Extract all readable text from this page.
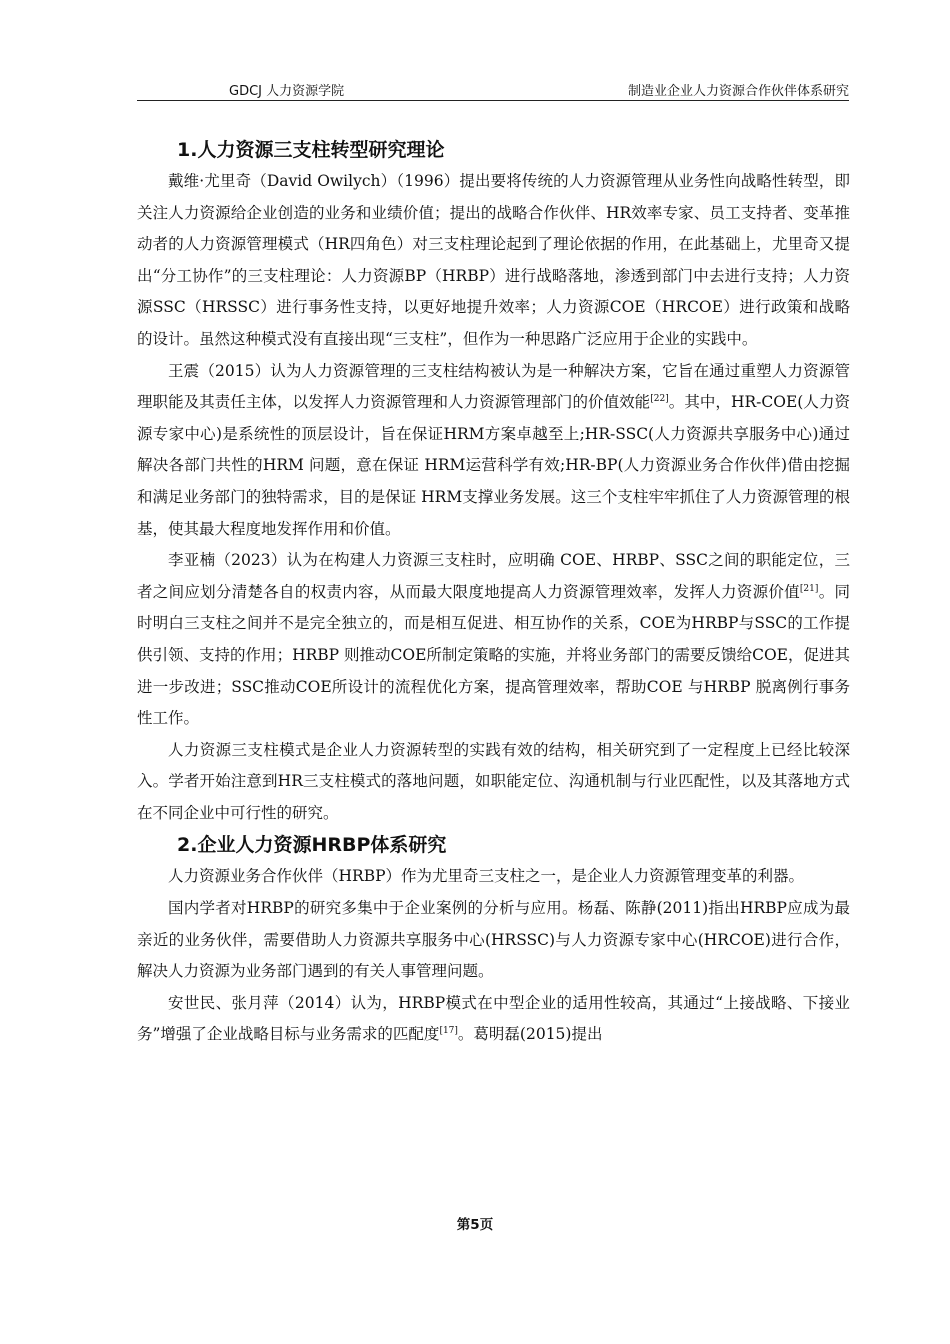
GDCJ 人力资源学院	制造业企业人力资源合作伙伴体系研究
1.人力资源三支柱转型研究理论

戴维·尤里奇（David Owilych）（1996）提出要将传统的人力资源管理从业务性向战略性转型，即关注人力资源给企业创造的业务和业绩价值；提出的战略合作伙伴、HR效率专家、员工支持者、变革推动者的人力资源管理模式（HR四角色）对三支柱理论起到了理论依据的作用，在此基础上，尤里奇又提出“分工协作”的三支柱理论：人力资源BP（HRBP）进行战略落地，渗透到部门中去进行支持；人力资源SSC（HRSSC）进行事务性支持，以更好地提升效率；人力资源COE（HRCOE）进行政策和战略的设计。虽然这种模式没有直接出现“三支柱”，但作为一种思路广泛应用于企业的实践中。

王震（2015）认为人力资源管理的三支柱结构被认为是一种解决方案，它旨在通过重塑人力资源管理职能及其责任主体，以发挥人力资源管理和人力资源管理部门的价值效能[22]。其中，HR-COE(人力资源专家中心)是系统性的顶层设计，旨在保证HRM方案卓越至上;HR-SSC(人力资源共享服务中心)通过解决各部门共性的HRM 问题，意在保证 HRM运营科学有效;HR-BP(人力资源业务合作伙伴)借由挖掘和满足业务部门的独特需求，目的是保证 HRM支撑业务发展。这三个支柱牢牢抓住了人力资源管理的根基，使其最大程度地发挥作用和价值。

李亚楠（2023）认为在构建人力资源三支柱时，应明确 COE、HRBP、SSC之间的职能定位，三者之间应划分清楚各自的权责内容，从而最大限度地提高人力资源管理效率，发挥人力资源价值[21]。同时明白三支柱之间并不是完全独立的，而是相互促进、相互协作的关系，COE为HRBP与SSC的工作提供引领、支持的作用；HRBP 则推动COE所制定策略的实施，并将业务部门的需要反馈给COE，促进其进一步改进；SSC推动COE所设计的流程优化方案，提高管理效率，帮助COE 与HRBP 脱离例行事务性工作。

人力资源三支柱模式是企业人力资源转型的实践有效的结构，相关研究到了一定程度上已经比较深入。学者开始注意到HR三支柱模式的落地问题，如职能定位、沟通机制与行业匹配性，以及其落地方式在不同企业中可行性的研究。

2.企业人力资源HRBP体系研究

人力资源业务合作伙伴（HRBP）作为尤里奇三支柱之一，是企业人力资源管理变革的利器。

国内学者对HRBP的研究多集中于企业案例的分析与应用。杨磊、陈静(2011)指出HRBP应成为最亲近的业务伙伴，需要借助人力资源共享服务中心(HRSSC)与人力资源专家中心(HRCOE)进行合作，解决人力资源为业务部门遇到的有关人事管理问题。

安世民、张月萍（2014）认为，HRBP模式在中型企业的适用性较高，其通过“上接战略、下接业务”增强了企业战略目标与业务需求的匹配度[17]。葛明磊(2015)提出

第5页
